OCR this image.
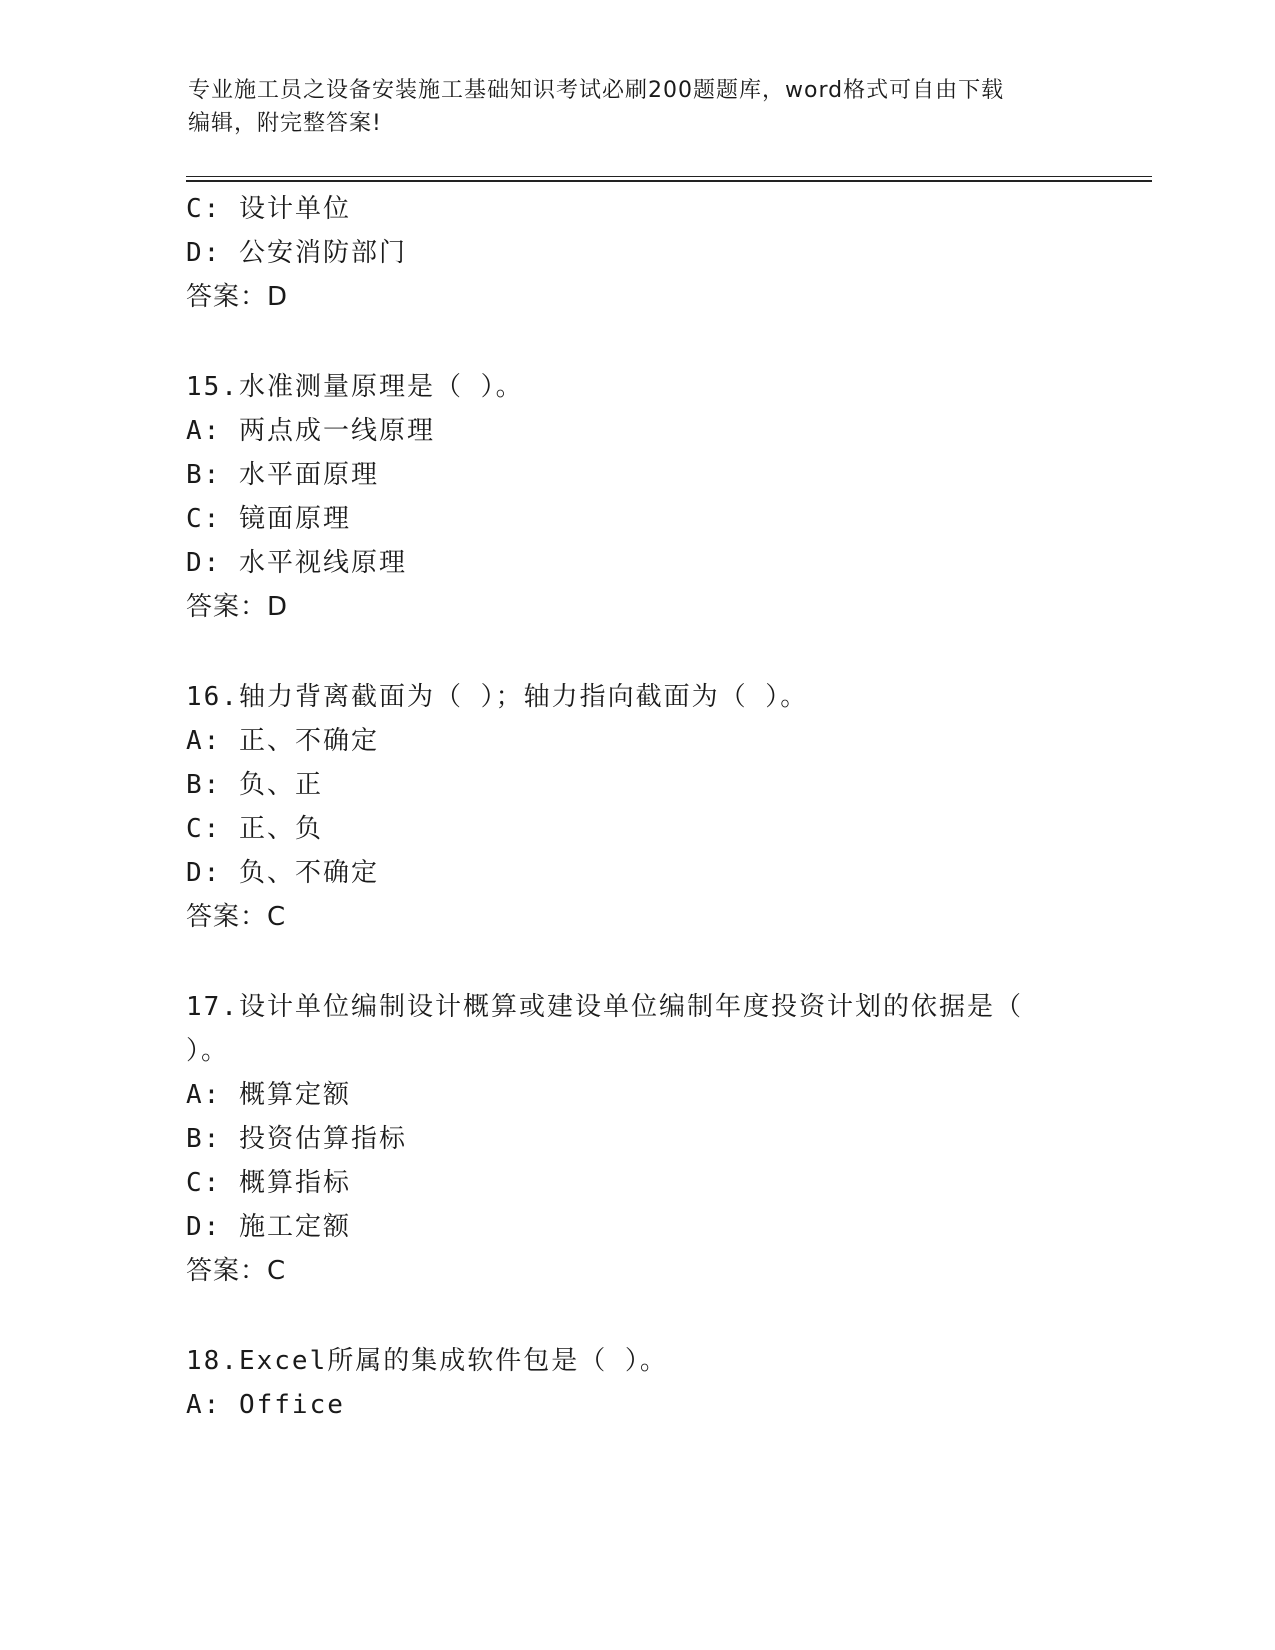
专业施工员之设备安装施工基础知识考试必刷200题题库，word格式可自由下载
编辑，附完整答案!
C: 设计单位
D: 公安消防部门
答案：D
15.水准测量原理是（ ）。
A: 两点成一线原理
B: 水平面原理
C: 镜面原理
D: 水平视线原理
答案：D
16.轴力背离截面为（ ）；轴力指向截面为（ ）。
A: 正、不确定
B: 负、正
C: 正、负
D: 负、不确定
答案：C
17.设计单位编制设计概算或建设单位编制年度投资计划的依据是（
）。
A: 概算定额
B: 投资估算指标
C: 概算指标
D: 施工定额
答案：C
18.Excel所属的集成软件包是（ ）。
A: Office
